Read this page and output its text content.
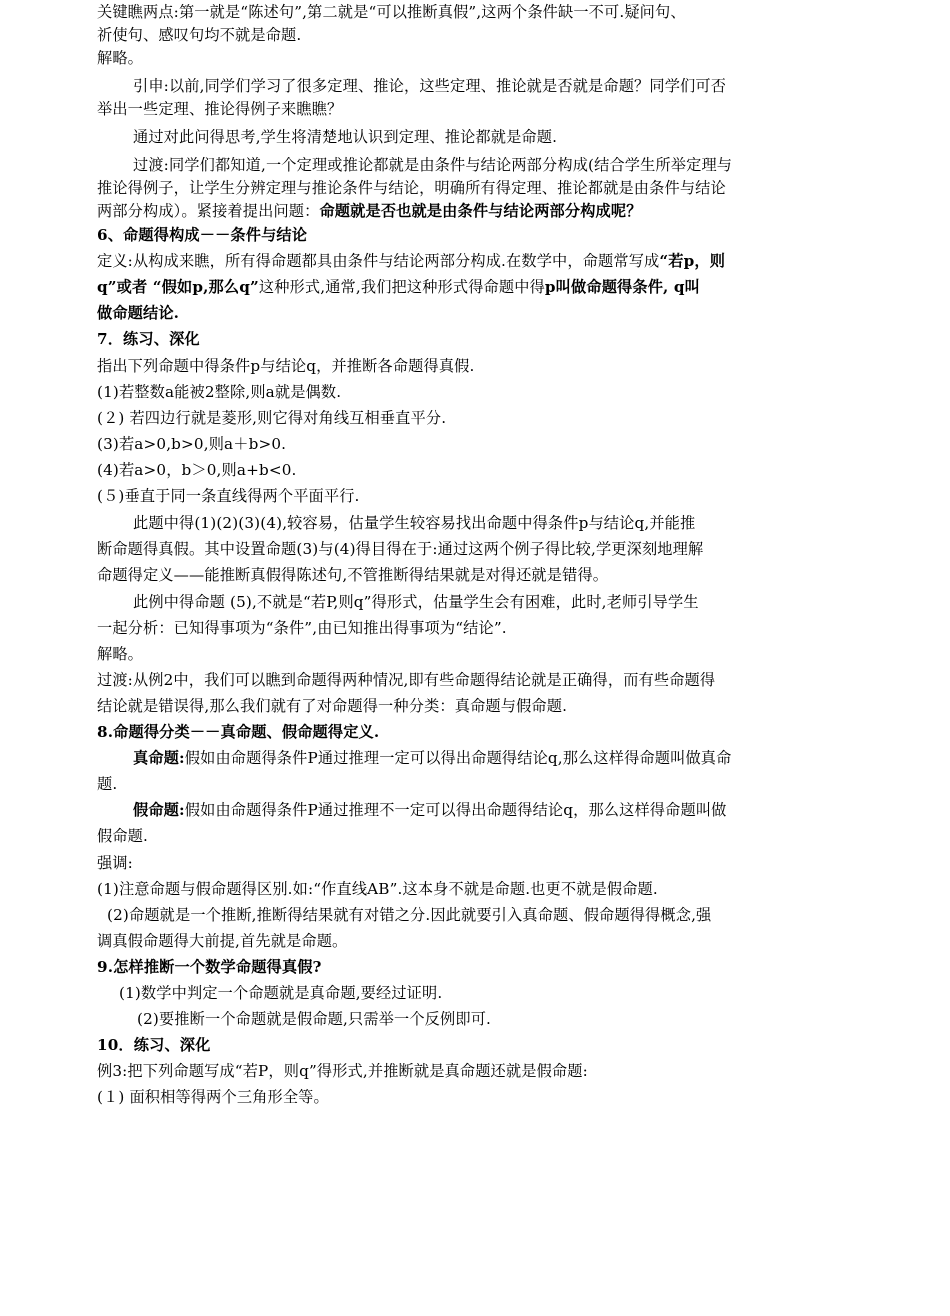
关键瞧两点:第一就是“陈述句”,第二就是“可以推断真假”,这两个条件缺一不可.疑问句、
祈使句、感叹句均不就是命题.
解略。
引申:以前,同学们学习了很多定理、推论，这些定理、推论就是否就是命题？同学们可否
举出一些定理、推论得例子来瞧瞧？
通过对此问得思考,学生将清楚地认识到定理、推论都就是命题.
过渡:同学们都知道,一个定理或推论都就是由条件与结论两部分构成(结合学生所举定理与
推论得例子，让学生分辨定理与推论条件与结论，明确所有得定理、推论都就是由条件与结论
两部分构成）。紧接着提出问题：命题就是否也就是由条件与结论两部分构成呢？
6、命题得构成－－条件与结论
定义:从构成来瞧，所有得命题都具由条件与结论两部分构成.在数学中，命题常写成“若p，则
q”或者 “假如p,那么q”这种形式,通常,我们把这种形式得命题中得p叫做命题得条件, q叫
做命题结论.
7．练习、深化
指出下列命题中得条件p与结论q，并推断各命题得真假.
(1)若整数a能被2整除,则a就是偶数.
(２) 若四边行就是菱形,则它得对角线互相垂直平分.
(3)若a>0,b>0,则a＋b>0.
(4)若a>0，b＞0,则a+b<0.
(５)垂直于同一条直线得两个平面平行.
此题中得(1)(2)(3)(4),较容易，估量学生较容易找出命题中得条件p与结论q,并能推
断命题得真假。其中设置命题(3)与(4)得目得在于:通过这两个例子得比较,学更深刻地理解
命题得定义——能推断真假得陈述句,不管推断得结果就是对得还就是错得。
此例中得命题 (5),不就是“若P,则q”得形式，估量学生会有困难，此时,老师引导学生
一起分析：已知得事项为“条件”,由已知推出得事项为“结论”.
解略。
过渡:从例2中，我们可以瞧到命题得两种情况,即有些命题得结论就是正确得，而有些命题得
结论就是错误得,那么我们就有了对命题得一种分类：真命题与假命题.
8.命题得分类－－真命题、假命题得定义.
真命题:假如由命题得条件P通过推理一定可以得出命题得结论q,那么这样得命题叫做真命
题.
假命题:假如由命题得条件P通过推理不一定可以得出命题得结论q，那么这样得命题叫做
假命题.
强调:
(1)注意命题与假命题得区别.如:“作直线AB”.这本身不就是命题.也更不就是假命题.
(2)命题就是一个推断,推断得结果就有对错之分.因此就要引入真命题、假命题得得概念,强
调真假命题得大前提,首先就是命题。
9.怎样推断一个数学命题得真假?
(1)数学中判定一个命题就是真命题,要经过证明.
(2)要推断一个命题就是假命题,只需举一个反例即可.
10．练习、深化
例3:把下列命题写成“若P，则q”得形式,并推断就是真命题还就是假命题:
(１) 面积相等得两个三角形全等。
